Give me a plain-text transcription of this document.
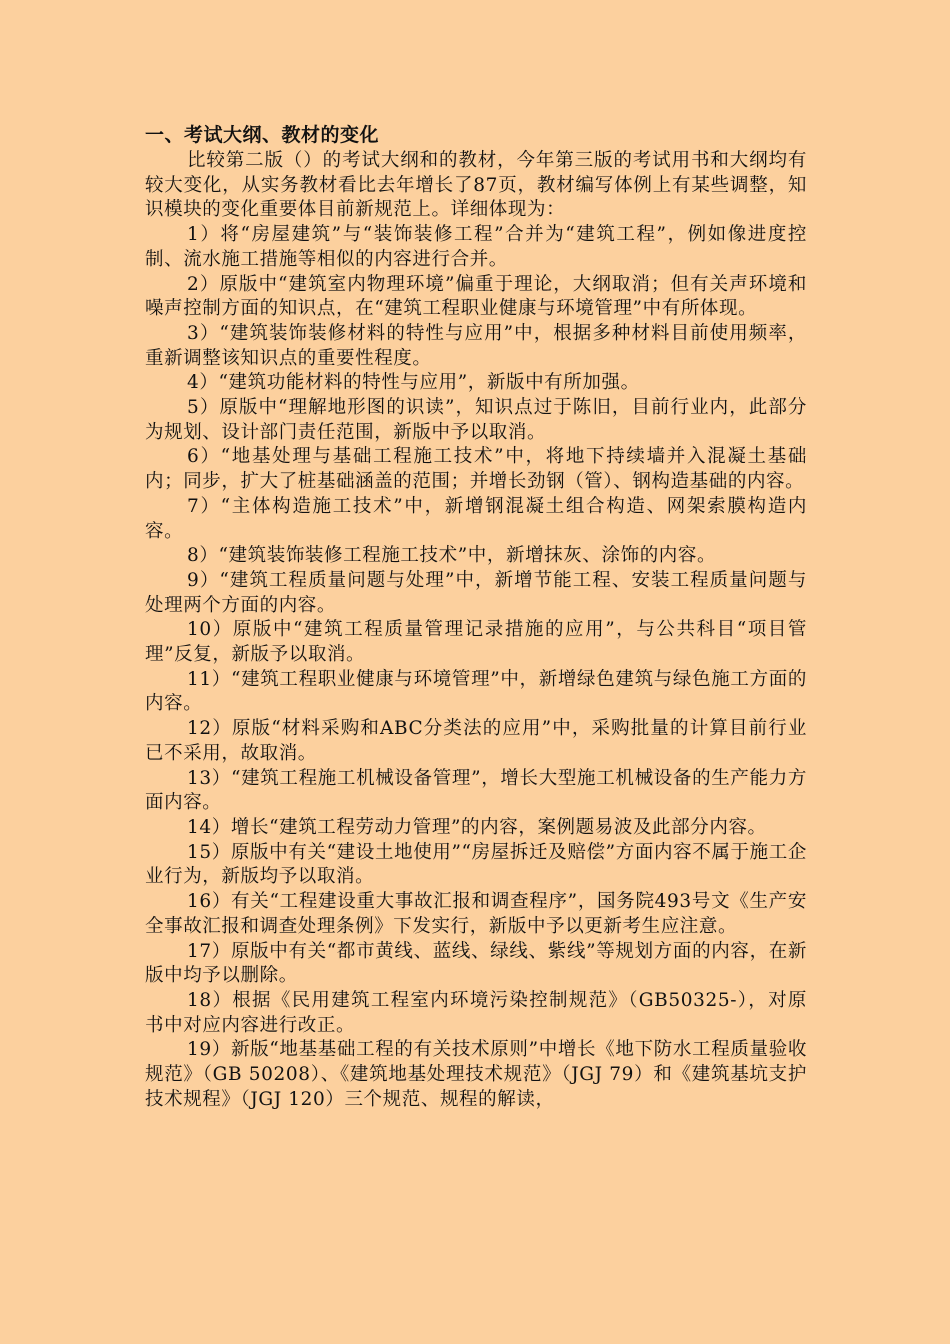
一、考试大纲、教材的变化

比较第二版（）的考试大纲和的教材，今年第三版的考试用书和大纲均有较大变化，从实务教材看比去年增长了87页，教材编写体例上有某些调整，知识模块的变化重要体目前新规范上。详细体现为：

1）将“房屋建筑”与“装饰装修工程”合并为“建筑工程”，例如像进度控制、流水施工措施等相似的内容进行合并。

2）原版中“建筑室内物理环境”偏重于理论，大纲取消；但有关声环境和噪声控制方面的知识点，在“建筑工程职业健康与环境管理”中有所体现。

3）“建筑装饰装修材料的特性与应用”中，根据多种材料目前使用频率，重新调整该知识点的重要性程度。

4）“建筑功能材料的特性与应用”，新版中有所加强。

5）原版中“理解地形图的识读”，知识点过于陈旧，目前行业内，此部分为规划、设计部门责任范围，新版中予以取消。

6）“地基处理与基础工程施工技术”中，将地下持续墙并入混凝土基础内；同步，扩大了桩基础涵盖的范围；并增长劲钢（管）、钢构造基础的内容。

7）“主体构造施工技术”中，新增钢混凝土组合构造、网架索膜构造内容。

8）“建筑装饰装修工程施工技术”中，新增抹灰、涂饰的内容。

9）“建筑工程质量问题与处理”中，新增节能工程、安装工程质量问题与处理两个方面的内容。

10）原版中“建筑工程质量管理记录措施的应用”，与公共科目“项目管理”反复，新版予以取消。

11）“建筑工程职业健康与环境管理”中，新增绿色建筑与绿色施工方面的内容。

12）原版“材料采购和ABC分类法的应用”中，采购批量的计算目前行业已不采用，故取消。

13）“建筑工程施工机械设备管理”，增长大型施工机械设备的生产能力方面内容。

14）增长“建筑工程劳动力管理”的内容，案例题易波及此部分内容。

15）原版中有关“建设土地使用”“房屋拆迁及赔偿”方面内容不属于施工企业行为，新版均予以取消。

16）有关“工程建设重大事故汇报和调查程序”，国务院493号文《生产安全事故汇报和调查处理条例》下发实行，新版中予以更新考生应注意。

17）原版中有关“都市黄线、蓝线、绿线、紫线”等规划方面的内容，在新版中均予以删除。

18）根据《民用建筑工程室内环境污染控制规范》（GB50325-），对原书中对应内容进行改正。

19）新版“地基基础工程的有关技术原则”中增长《地下防水工程质量验收规范》（GB 50208）、《建筑地基处理技术规范》（JGJ 79）和《建筑基坑支护技术规程》（JGJ 120）三个规范、规程的解读，
